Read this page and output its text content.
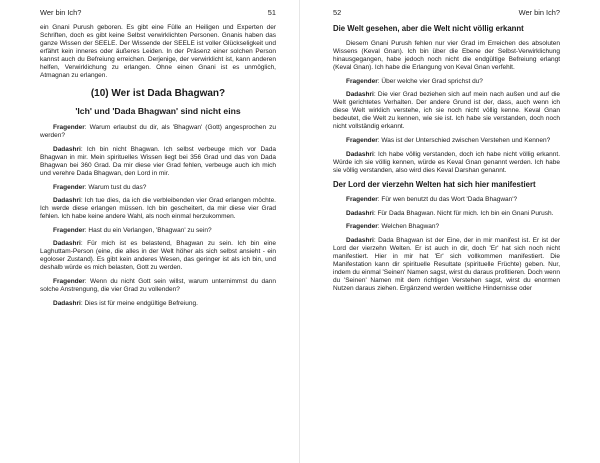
Wer bin Ich?	51

ein Gnani Purush geboren. Es gibt eine Fülle an Heiligen und Experten der Schriften, doch es gibt keine Selbst verwirklichten Personen. Gnanis haben das ganze Wissen der SEELE. Der Wissende der SEELE ist voller Glückseligkeit und erfährt kein inneres oder äußeres Leiden. In der Präsenz einer solchen Person kannst auch du Befreiung erreichen. Derjenige, der verwirklicht ist, kann anderen helfen, Verwirklichung zu erlangen. Ohne einen Gnani ist es unmöglich, Atmagnan zu erlangen.

(10) Wer ist Dada Bhagwan?
'Ich' und 'Dada Bhagwan' sind nicht eins

Fragender: Warum erlaubst du dir, als 'Bhagwan' (Gott) angesprochen zu werden?

Dadashri: Ich bin nicht Bhagwan. Ich selbst verbeuge mich vor Dada Bhagwan in mir. Mein spirituelles Wissen liegt bei 356 Grad und das von Dada Bhagwan bei 360 Grad. Da mir diese vier Grad fehlen, verbeuge auch ich mich und verehre Dada Bhagwan, den Lord in mir.

Fragender: Warum tust du das?

Dadashri: Ich tue dies, da ich die verbleibenden vier Grad erlangen möchte. Ich werde diese erlangen müssen. Ich bin gescheitert, da mir diese vier Grad fehlen. Ich habe keine andere Wahl, als noch einmal herzukommen.

Fragender: Hast du ein Verlangen, 'Bhagwan' zu sein?

Dadashri: Für mich ist es belastend, Bhagwan zu sein. Ich bin eine Laghuttam-Person (eine, die alles in der Welt höher als sich selbst ansieht - ein egoloser Zustand). Es gibt kein anderes Wesen, das geringer ist als ich bin, und deshalb würde es mich belasten, Gott zu werden.

Fragender: Wenn du nicht Gott sein willst, warum unternimmst du dann solche Anstrengung, die vier Grad zu vollenden?

Dadashri: Dies ist für meine endgültige Befreiung.

52	Wer bin Ich?
Die Welt gesehen, aber die Welt nicht völlig erkannt

Diesem Gnani Purush fehlen nur vier Grad im Erreichen des absoluten Wissens (Keval Gnan). Ich bin über die Ebene der Selbst-Verwirklichung hinausgegangen, habe jedoch noch nicht die endgültige Befreiung erlangt (Keval Gnan). Ich habe die Erlangung von Keval Gnan verfehlt.

Fragender: Über welche vier Grad sprichst du?

Dadashri: Die vier Grad beziehen sich auf mein nach außen und auf die Welt gerichtetes Verhalten. Der andere Grund ist der, dass, auch wenn ich diese Welt wirklich verstehe, ich sie noch nicht völlig kenne. Keval Gnan bedeutet, die Welt zu kennen, wie sie ist. Ich habe sie verstanden, doch noch nicht vollständig erkannt.

Fragender: Was ist der Unterschied zwischen Verstehen und Kennen?

Dadashri: Ich habe völlig verstanden, doch ich habe nicht völlig erkannt. Würde ich sie völlig kennen, würde es Keval Gnan genannt werden. Ich habe sie völlig verstanden, also wird dies Keval Darshan genannt.

Der Lord der vierzehn Welten hat sich hier manifestiert

Fragender: Für wen benutzt du das Wort 'Dada Bhagwan'?

Dadashri: Für Dada Bhagwan. Nicht für mich. Ich bin ein Gnani Purush.

Fragender: Welchen Bhagwan?

Dadashri: Dada Bhagwan ist der Eine, der in mir manifest ist. Er ist der Lord der vierzehn Welten. Er ist auch in dir, doch 'Er' hat sich noch nicht manifestiert. Hier in mir hat 'Er' sich vollkommen manifestiert. Die Manifestation kann dir spirituelle Resultate (spirituelle Früchte) geben. Nur, indem du einmal 'Seinen' Namen sagst, wirst du daraus profitieren. Doch wenn du 'Seinen' Namen mit dem richtigen Verstehen sagst, wirst du enormen Nutzen daraus ziehen. Ergänzend werden weltliche Hindernisse oder
